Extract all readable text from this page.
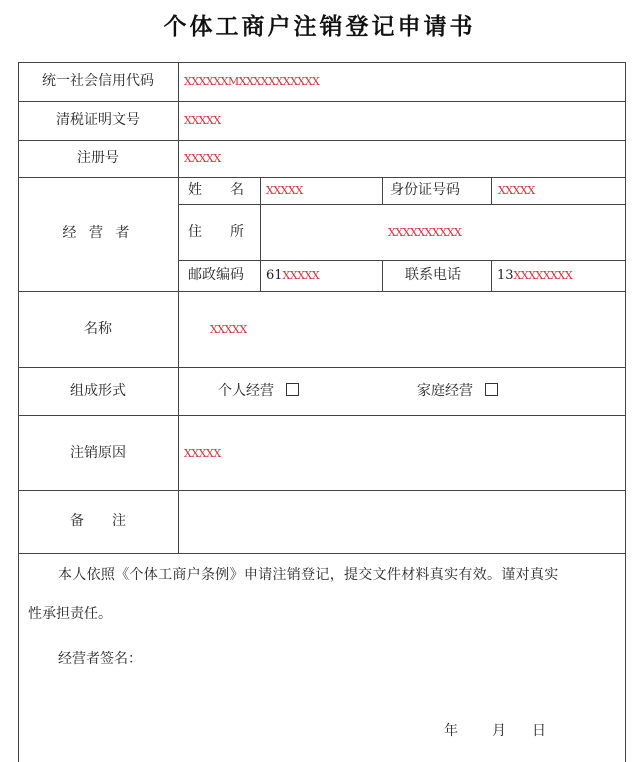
个体工商户注销登记申请书
统一社会信用代码	XXXXXXMXXXXXXXXXXX
清税证明文号	XXXXX
注册号	XXXXX
经 营 者
姓　　名 XXXXX	身份证号码	XXXXX
住　　所	XXXXXXXXXX
邮政编码 61XXXXX	联系电话	13XXXXXXXX
名称	XXXXX
组成形式	个人经营	家庭经营
注销原因	XXXXX
备　　注
本人依照《个体工商户条例》申请注销登记，提交文件材料真实有效。谨对真实
性承担责任。
经营者签名：
年 月 日
